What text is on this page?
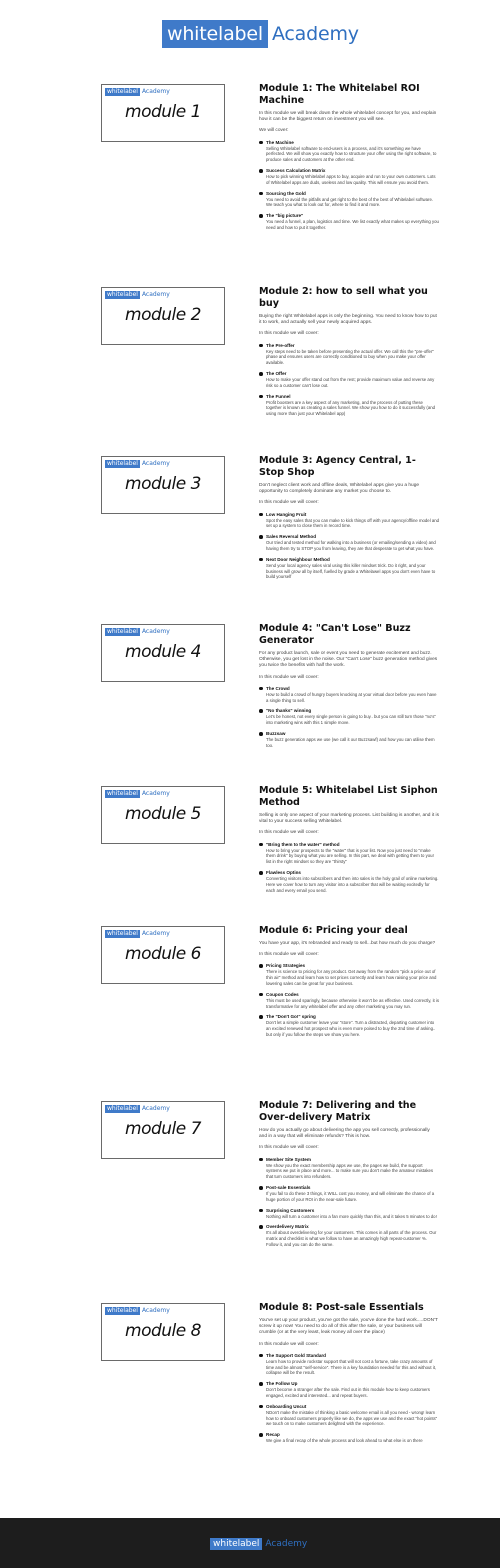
whitelabel Academy
whitelabel Academy
module 1
Module 1: The Whitelabel ROI Machine
In this module we will break down the whole whitelabel concept for you, and explain how it can be the biggest return on investment you will see.
We will cover:
The Machine
Selling Whitelabel software to end-users is a process, and it's something we have perfected. We will show you exactly how to structure your offer using the right software, to produce sales and customers at the other end.
Success Calculation Matrix
How to pick winning Whitelabel apps to buy, acquire and run to your own customers. Lots of Whitelabel apps are duds, useless and low quality. This will ensure you avoid them.
Sourcing the Gold
You need to avoid the pitfalls and get right to the best of the best of Whitelabel software. We teach you what to look out for, where to find it and more.
The "big picture"
You need a funnel, a plan, logistics and time. We list exactly what makes up everything you need and how to put it together.
whitelabel Academy
module 2
Module 2: how to sell what you buy
Buying the right Whitelabel apps is only the beginning. You need to know how to put it to work, and actually sell your newly acquired apps.
In this module we will cover:
The Pre-offer
Key steps need to be taken before presenting the actual offer. We call this the "pre-offer" phase and ensures users are correctly conditioned to buy when you make your offer available.
The Offer
How to make your offer stand out from the rest; provide maximum value and reverse any risk so a customer can't lose out.
The Funnel
Profit boosters are a key aspect of any marketing, and the process of putting these together is known as creating a sales funnel. We show you how to do it successfully (and using more than just your Whitelabel app)
whitelabel Academy
module 3
Module 3: Agency Central, 1-Stop Shop
Don't neglect client work and offline deals, Whitelabel apps give you a huge opportunity to completely dominate any market you choose to.
In this module we will cover:
Low Hanging Fruit
Spot the easy sales that you can make to kick things off with your agency/offline model and set up a system to close them in record time.
Sales Reversal Method
Our tried and tested method for walking into a business (or emailing/sending a video) and having them try to STOP you from leaving, they are that desperate to get what you have.
Next Door Neighbour Method
Send your local agency sales viral using this killer mindset trick. Do it right, and your business will grow all by itself, fuelled by grade a Whitelawel apps you don't even have to build yourself
whitelabel Academy
module 4
Module 4: "Can't Lose" Buzz Generator
For any product launch, sale or event you need to generate excitement and buzz. Otherwise, you get lost in the noise. Our "Can't Lose" buzz generation method gives you twice the benefits with half the work.
In this module we will cover:
The Crowd
How to build a crowd of hungry buyers knocking at your virtual door before you even have a single thing to sell.
"No thanks" winning
Let's be honest, not every single person is going to buy.. but you can still turn those "no's" into marketing wins with this 1 simple move.
Buzzsaw
The buzz generation apps we use (we call it our Buzzsawf) and how you can utilise them too.
whitelabel Academy
module 5
Module 5: Whitelabel List Siphon Method
Selling is only one aspect of your marketing process. List building is another, and it is vital to your success selling Whitelabel.
In this module we will cover:
"Bring them to the water" method
How to bring your prospects to the "water" that is your list. Now you just need to "make them drink" by buying what you are selling. In this part, we deal with getting them to your list in the right mindset so they are "thirsty"
Flawless Optins
Converting visitors into subscribers and then into sales is the holy grail of online marketing. Here we cover how to turn any visitor into a subscriber that will be waiting excitedly for each and every email you send.
whitelabel Academy
module 6
Module 6: Pricing your deal
You have your app, it's rebranded and ready to sell...but how much do you charge?
In this module we will cover:
Pricing Strategies
There is science to pricing for any product. Get away from the random "pick a price out of thin air" method and learn how to set prices correctly and learn how raising your price and lowering sales can be great for your business.
Coupon Codes
This must be used sparingly, because otherwise it won't be as effective. Used correctly, it is transformative for any whitelabel offer and any other marketing you may run.
The "Don't Go!" spring
Don't let a simple customer leave your "store". Turn a distracted, departing customer into an excited renewed hot prospect who is even more poised to buy the 2nd time of asking.. but only if you follow the steps we show you here.
whitelabel Academy
module 7
Module 7: Delivering and the Over-delivery Matrix
How do you actually go about delivering the app you sell correctly, professionally and in a way that will eliminate refunds? This is how.
In this module we will cover:
Member Site System
We show you the exact membership apps we use, the pages we build, the support systems we put in place and more... to make sure you don't make the amateur mistakes that turn customers into refunders.
Post-sale Essentials
If you fail to do these 3 things, it WILL cost you money, and will eliminate the chance of a huge portion of your ROI in the near-sale future.
Surprising Customers
Nothing will turn a customer into a fan more quickly than this, and it takes 5 minutes to do!
Overdelivery Matrix
It's all about overdelivering for your customers. This comes in all parts of the process. Our matrix and checklist is what we follow to have an amazingly high repeat-customer %. Follow it, and you can do the same.
whitelabel Academy
module 8
Module 8: Post-sale Essentials
You've set up your product, you've got the sale, you've done the hard work.....DON'T screw it up now! You need to do all of this after the sale, or your business will crumble (or at the very least, leak money all over the place)
In this module we will cover:
The Support Gold Standard
Learn how to provide rockstar support that will not cost a fortune, take crazy amounts of time and be almost "self-service". There is a key foundation needed for this and without it, collapse will be the result.
The Follow Up
Don't become a stranger after the sale. Find out in this module how to keep customers engaged, excited and interested... and repeat buyers.
Onboarding Uncut
NDon't make the mistake of thinking a basic welcome email is all you need - wrong! learn how to onboard customers properly like we do, the apps we use and the exact "hot points" we touch on to make customers delighted with the experience.
Recap
We give a final recap of the whole process and look ahead to what else is on there
whitelabel Academy
